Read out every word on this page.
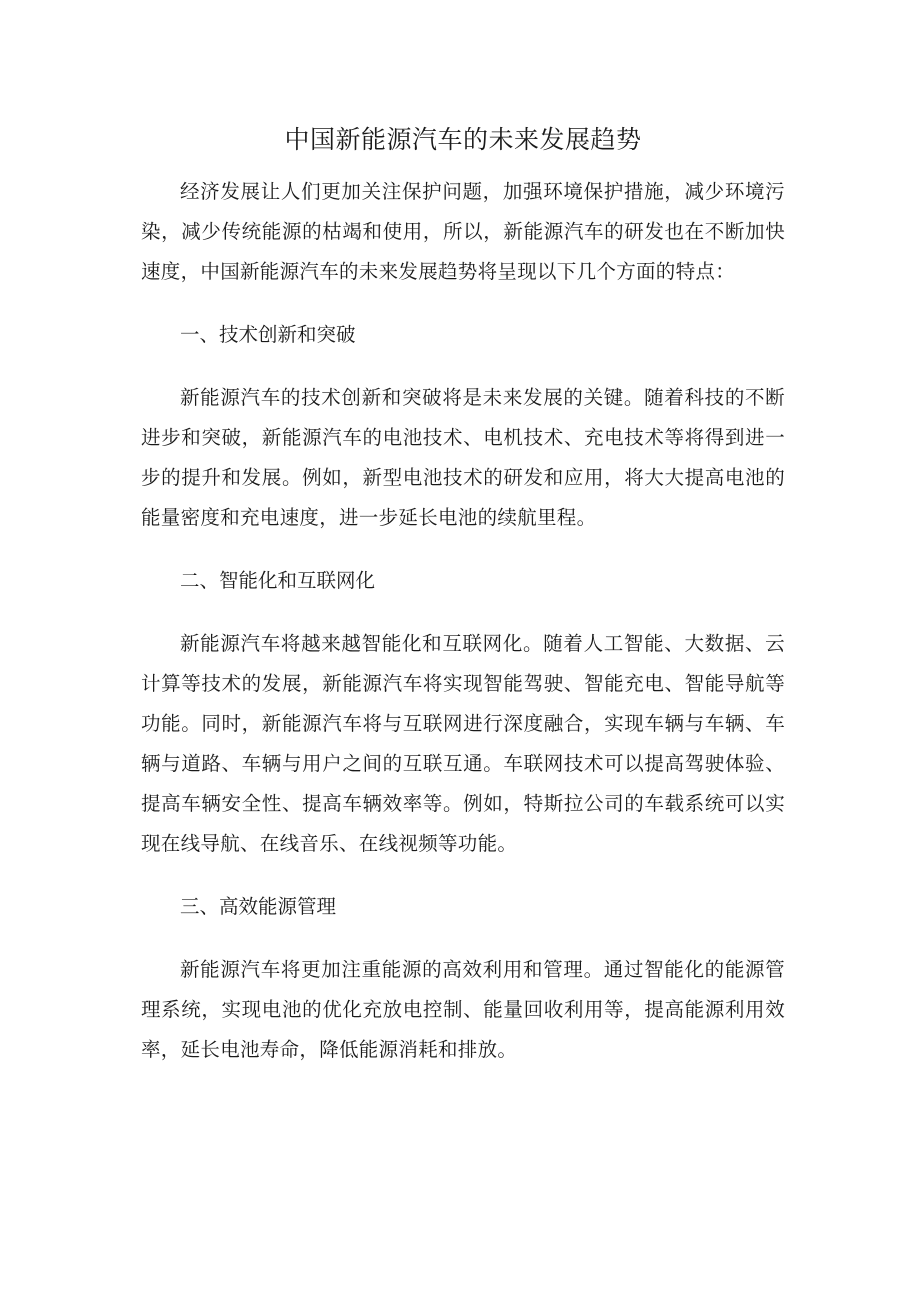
中国新能源汽车的未来发展趋势

经济发展让人们更加关注保护问题，加强环境保护措施，减少环境污染，减少传统能源的枯竭和使用，所以，新能源汽车的研发也在不断加快速度，中国新能源汽车的未来发展趋势将呈现以下几个方面的特点：

一、技术创新和突破

新能源汽车的技术创新和突破将是未来发展的关键。随着科技的不断进步和突破，新能源汽车的电池技术、电机技术、充电技术等将得到进一步的提升和发展。例如，新型电池技术的研发和应用，将大大提高电池的能量密度和充电速度，进一步延长电池的续航里程。

二、智能化和互联网化

新能源汽车将越来越智能化和互联网化。随着人工智能、大数据、云计算等技术的发展，新能源汽车将实现智能驾驶、智能充电、智能导航等功能。同时，新能源汽车将与互联网进行深度融合，实现车辆与车辆、车辆与道路、车辆与用户之间的互联互通。车联网技术可以提高驾驶体验、提高车辆安全性、提高车辆效率等。例如，特斯拉公司的车载系统可以实现在线导航、在线音乐、在线视频等功能。

三、高效能源管理

新能源汽车将更加注重能源的高效利用和管理。通过智能化的能源管理系统，实现电池的优化充放电控制、能量回收利用等，提高能源利用效率，延长电池寿命，降低能源消耗和排放。
